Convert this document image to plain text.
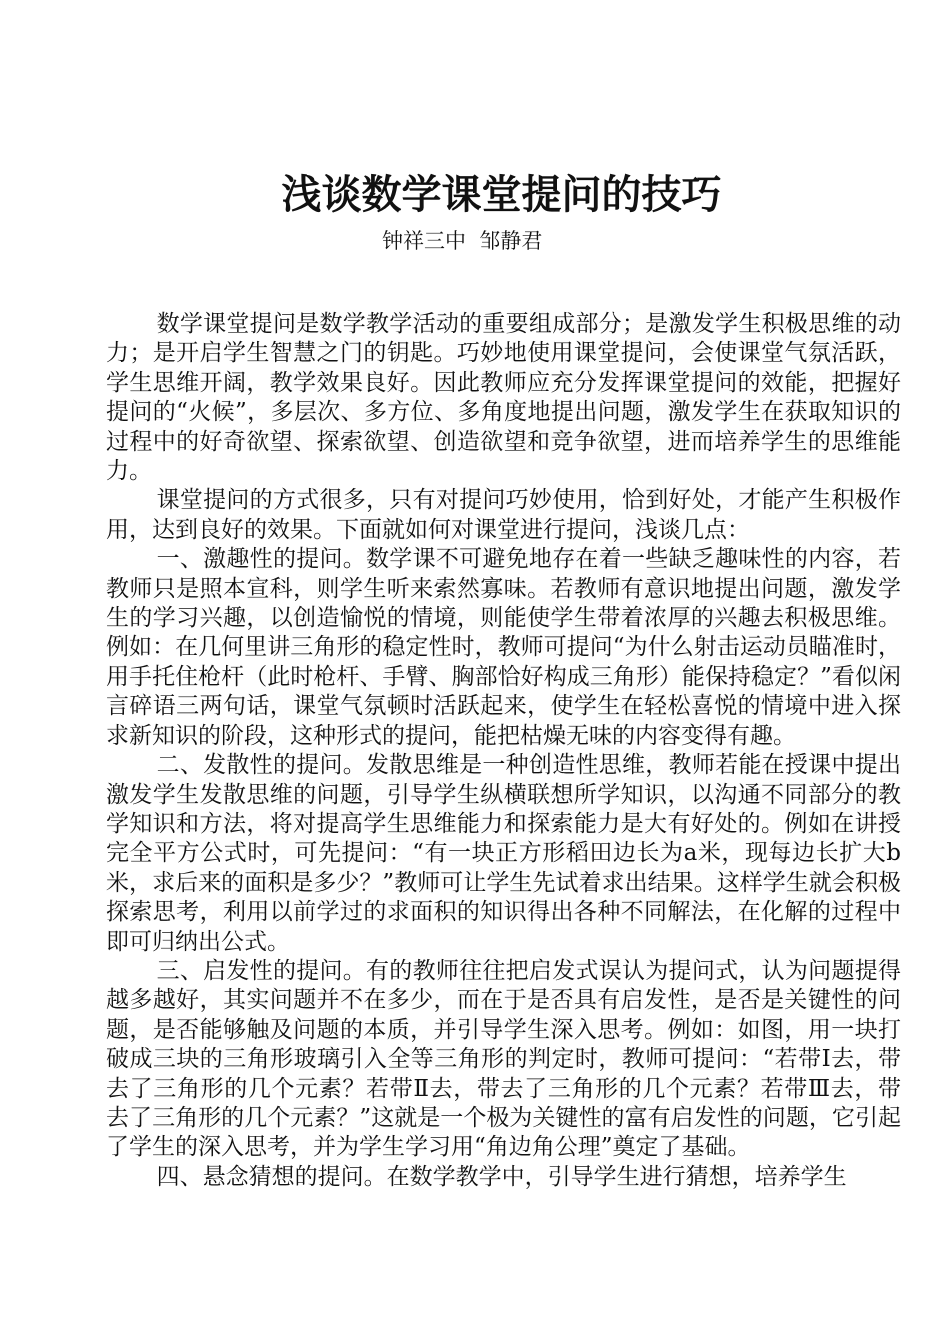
浅谈数学课堂提问的技巧
钟祥三中  邹静君

数学课堂提问是数学教学活动的重要组成部分；是激发学生积极思维的动力；是开启学生智慧之门的钥匙。巧妙地使用课堂提问，会使课堂气氛活跃，学生思维开阔，教学效果良好。因此教师应充分发挥课堂提问的效能，把握好提问的“火候”，多层次、多方位、多角度地提出问题，激发学生在获取知识的过程中的好奇欲望、探索欲望、创造欲望和竞争欲望，进而培养学生的思维能力。

课堂提问的方式很多，只有对提问巧妙使用，恰到好处，才能产生积极作用，达到良好的效果。下面就如何对课堂进行提问，浅谈几点：

一、激趣性的提问。数学课不可避免地存在着一些缺乏趣味性的内容，若教师只是照本宣科，则学生听来索然寡味。若教师有意识地提出问题，激发学生的学习兴趣，以创造愉悦的情境，则能使学生带着浓厚的兴趣去积极思维。例如：在几何里讲三角形的稳定性时，教师可提问“为什么射击运动员瞄准时，用手托住枪杆（此时枪杆、手臂、胸部恰好构成三角形）能保持稳定？”看似闲言碎语三两句话，课堂气氛顿时活跃起来，使学生在轻松喜悦的情境中进入探求新知识的阶段，这种形式的提问，能把枯燥无味的内容变得有趣。

二、发散性的提问。发散思维是一种创造性思维，教师若能在授课中提出激发学生发散思维的问题，引导学生纵横联想所学知识，以沟通不同部分的教学知识和方法，将对提高学生思维能力和探索能力是大有好处的。例如在讲授完全平方公式时，可先提问：“有一块正方形稻田边长为a米，现每边长扩大b米，求后来的面积是多少？”教师可让学生先试着求出结果。这样学生就会积极探索思考，利用以前学过的求面积的知识得出各种不同解法，在化解的过程中即可归纳出公式。

三、启发性的提问。有的教师往往把启发式误认为提问式，认为问题提得越多越好，其实问题并不在多少，而在于是否具有启发性，是否是关键性的问题，是否能够触及问题的本质，并引导学生深入思考。例如：如图，用一块打破成三块的三角形玻璃引入全等三角形的判定时，教师可提问：“若带Ⅰ去，带去了三角形的几个元素？若带Ⅱ去，带去了三角形的几个元素？若带Ⅲ去，带去了三角形的几个元素？”这就是一个极为关键性的富有启发性的问题，它引起了学生的深入思考，并为学生学习用“角边角公理”奠定了基础。

四、悬念猜想的提问。在数学教学中，引导学生进行猜想，培养学生
